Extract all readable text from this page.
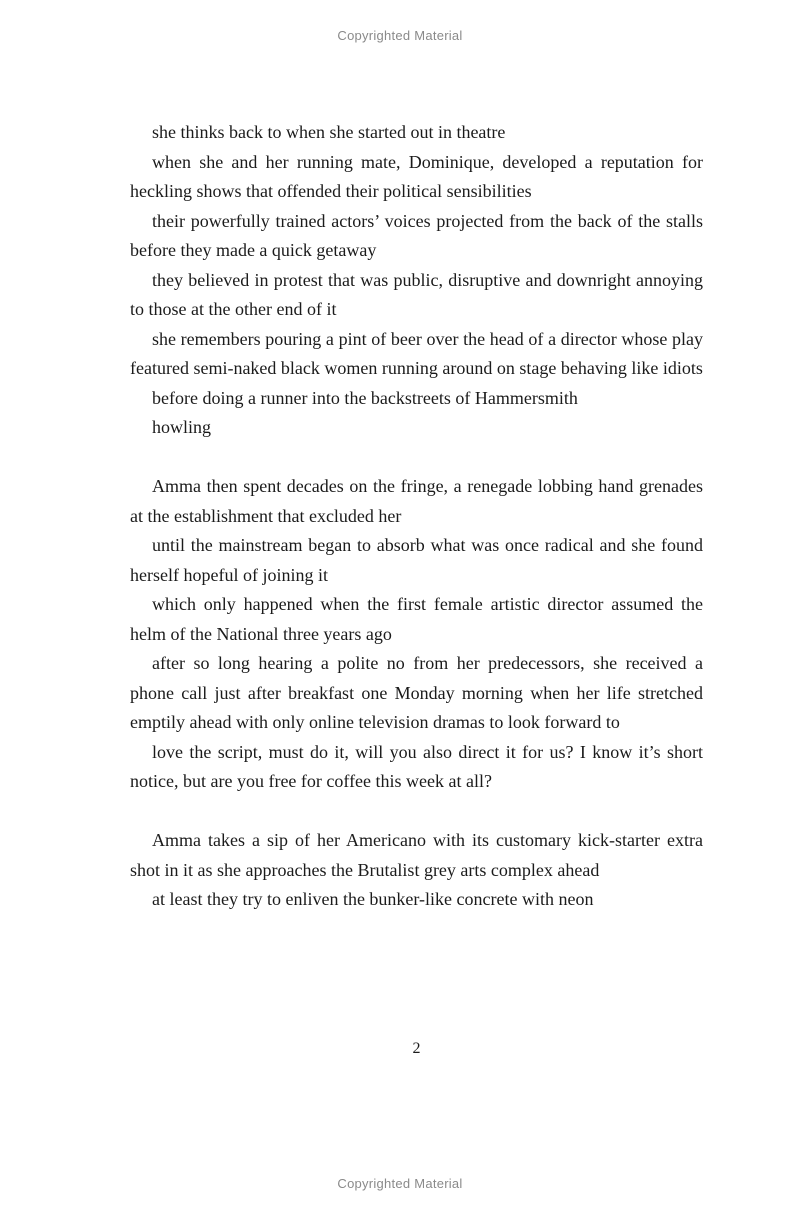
Copyrighted Material

she thinks back to when she started out in theatre

when she and her running mate, Dominique, developed a reputation for heckling shows that offended their political sensibilities

their powerfully trained actors’ voices projected from the back of the stalls before they made a quick getaway

they believed in protest that was public, disruptive and downright annoying to those at the other end of it

she remembers pouring a pint of beer over the head of a director whose play featured semi-naked black women running around on stage behaving like idiots

before doing a runner into the backstreets of Hammersmith

howling

Amma then spent decades on the fringe, a renegade lobbing hand grenades at the establishment that excluded her

until the mainstream began to absorb what was once radical and she found herself hopeful of joining it

which only happened when the first female artistic director assumed the helm of the National three years ago

after so long hearing a polite no from her predecessors, she received a phone call just after breakfast one Monday morning when her life stretched emptily ahead with only online television dramas to look forward to

love the script, must do it, will you also direct it for us? I know it’s short notice, but are you free for coffee this week at all?

Amma takes a sip of her Americano with its customary kick-starter extra shot in it as she approaches the Brutalist grey arts complex ahead

at least they try to enliven the bunker-like concrete with neon

2
Copyrighted Material
